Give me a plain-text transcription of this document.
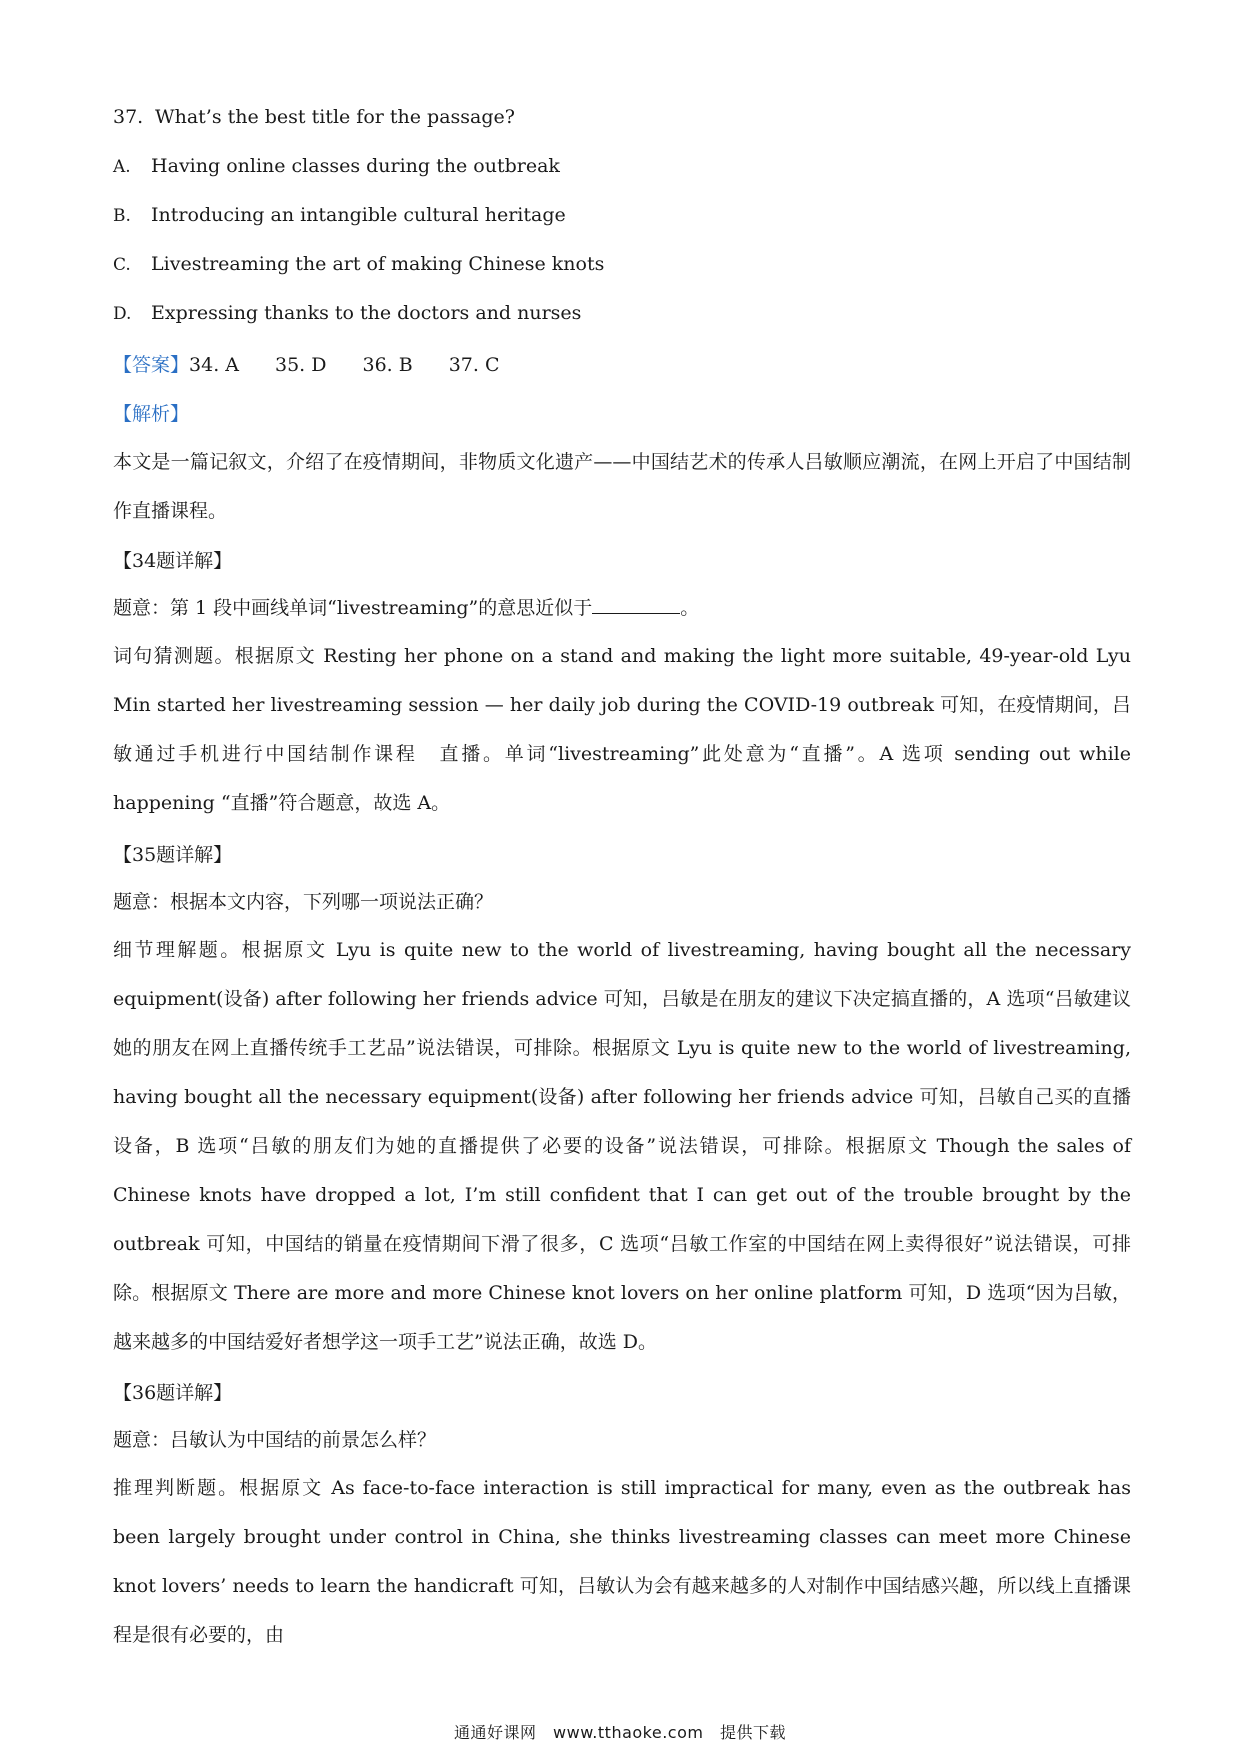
37. What’s the best title for the passage?
A. Having online classes during the outbreak
B. Introducing an intangible cultural heritage
C. Livestreaming the art of making Chinese knots
D. Expressing thanks to the doctors and nurses
【答案】34. A 35. D 36. B 37. C
【解析】
本文是一篇记叙文，介绍了在疫情期间，非物质文化遗产——中国结艺术的传承人吕敏顺应潮流，在网上开启了中国结制作直播课程。
【34题详解】
题意：第 1 段中画线单词“livestreaming”的意思近似于	。
词句猜测题。根据原文 Resting her phone on a stand and making the light more suitable, 49-year-old Lyu Min started her livestreaming session — her daily job during the COVID-19 outbreak 可知，在疫情期间，吕敏通过手机进行中国结制作课程　直播。单词“livestreaming”此处意为“直播”。A 选项 sending out while happening “直播”符合题意，故选 A。
【35题详解】
题意：根据本文内容，下列哪一项说法正确？
细节理解题。根据原文 Lyu is quite new to the world of livestreaming, having bought all the necessary equipment(设备) after following her friends advice 可知，吕敏是在朋友的建议下决定搞直播的，A 选项“吕敏建议她的朋友在网上直播传统手工艺品”说法错误，可排除。根据原文 Lyu is quite new to the world of livestreaming, having bought all the necessary equipment(设备) after following her friends advice 可知，吕敏自己买的直播设备，B 选项“吕敏的朋友们为她的直播提供了必要的设备”说法错误，可排除。根据原文 Though the sales of Chinese knots have dropped a lot, I’m still confident that I can get out of the trouble brought by the outbreak 可知，中国结的销量在疫情期间下滑了很多，C 选项“吕敏工作室的中国结在网上卖得很好”说法错误，可排除。根据原文 There are more and more Chinese knot lovers on her online platform 可知，D 选项“因为吕敏，越来越多的中国结爱好者想学这一项手工艺”说法正确，故选 D。
【36题详解】
题意：吕敏认为中国结的前景怎么样？
推理判断题。根据原文 As face-to-face interaction is still impractical for many, even as the outbreak has been largely brought under control in China, she thinks livestreaming classes can meet more Chinese knot lovers’ needs to learn the handicraft 可知，吕敏认为会有越来越多的人对制作中国结感兴趣，所以线上直播课程是很有必要的，由
通通好课网　www.tthaoke.com　提供下载
